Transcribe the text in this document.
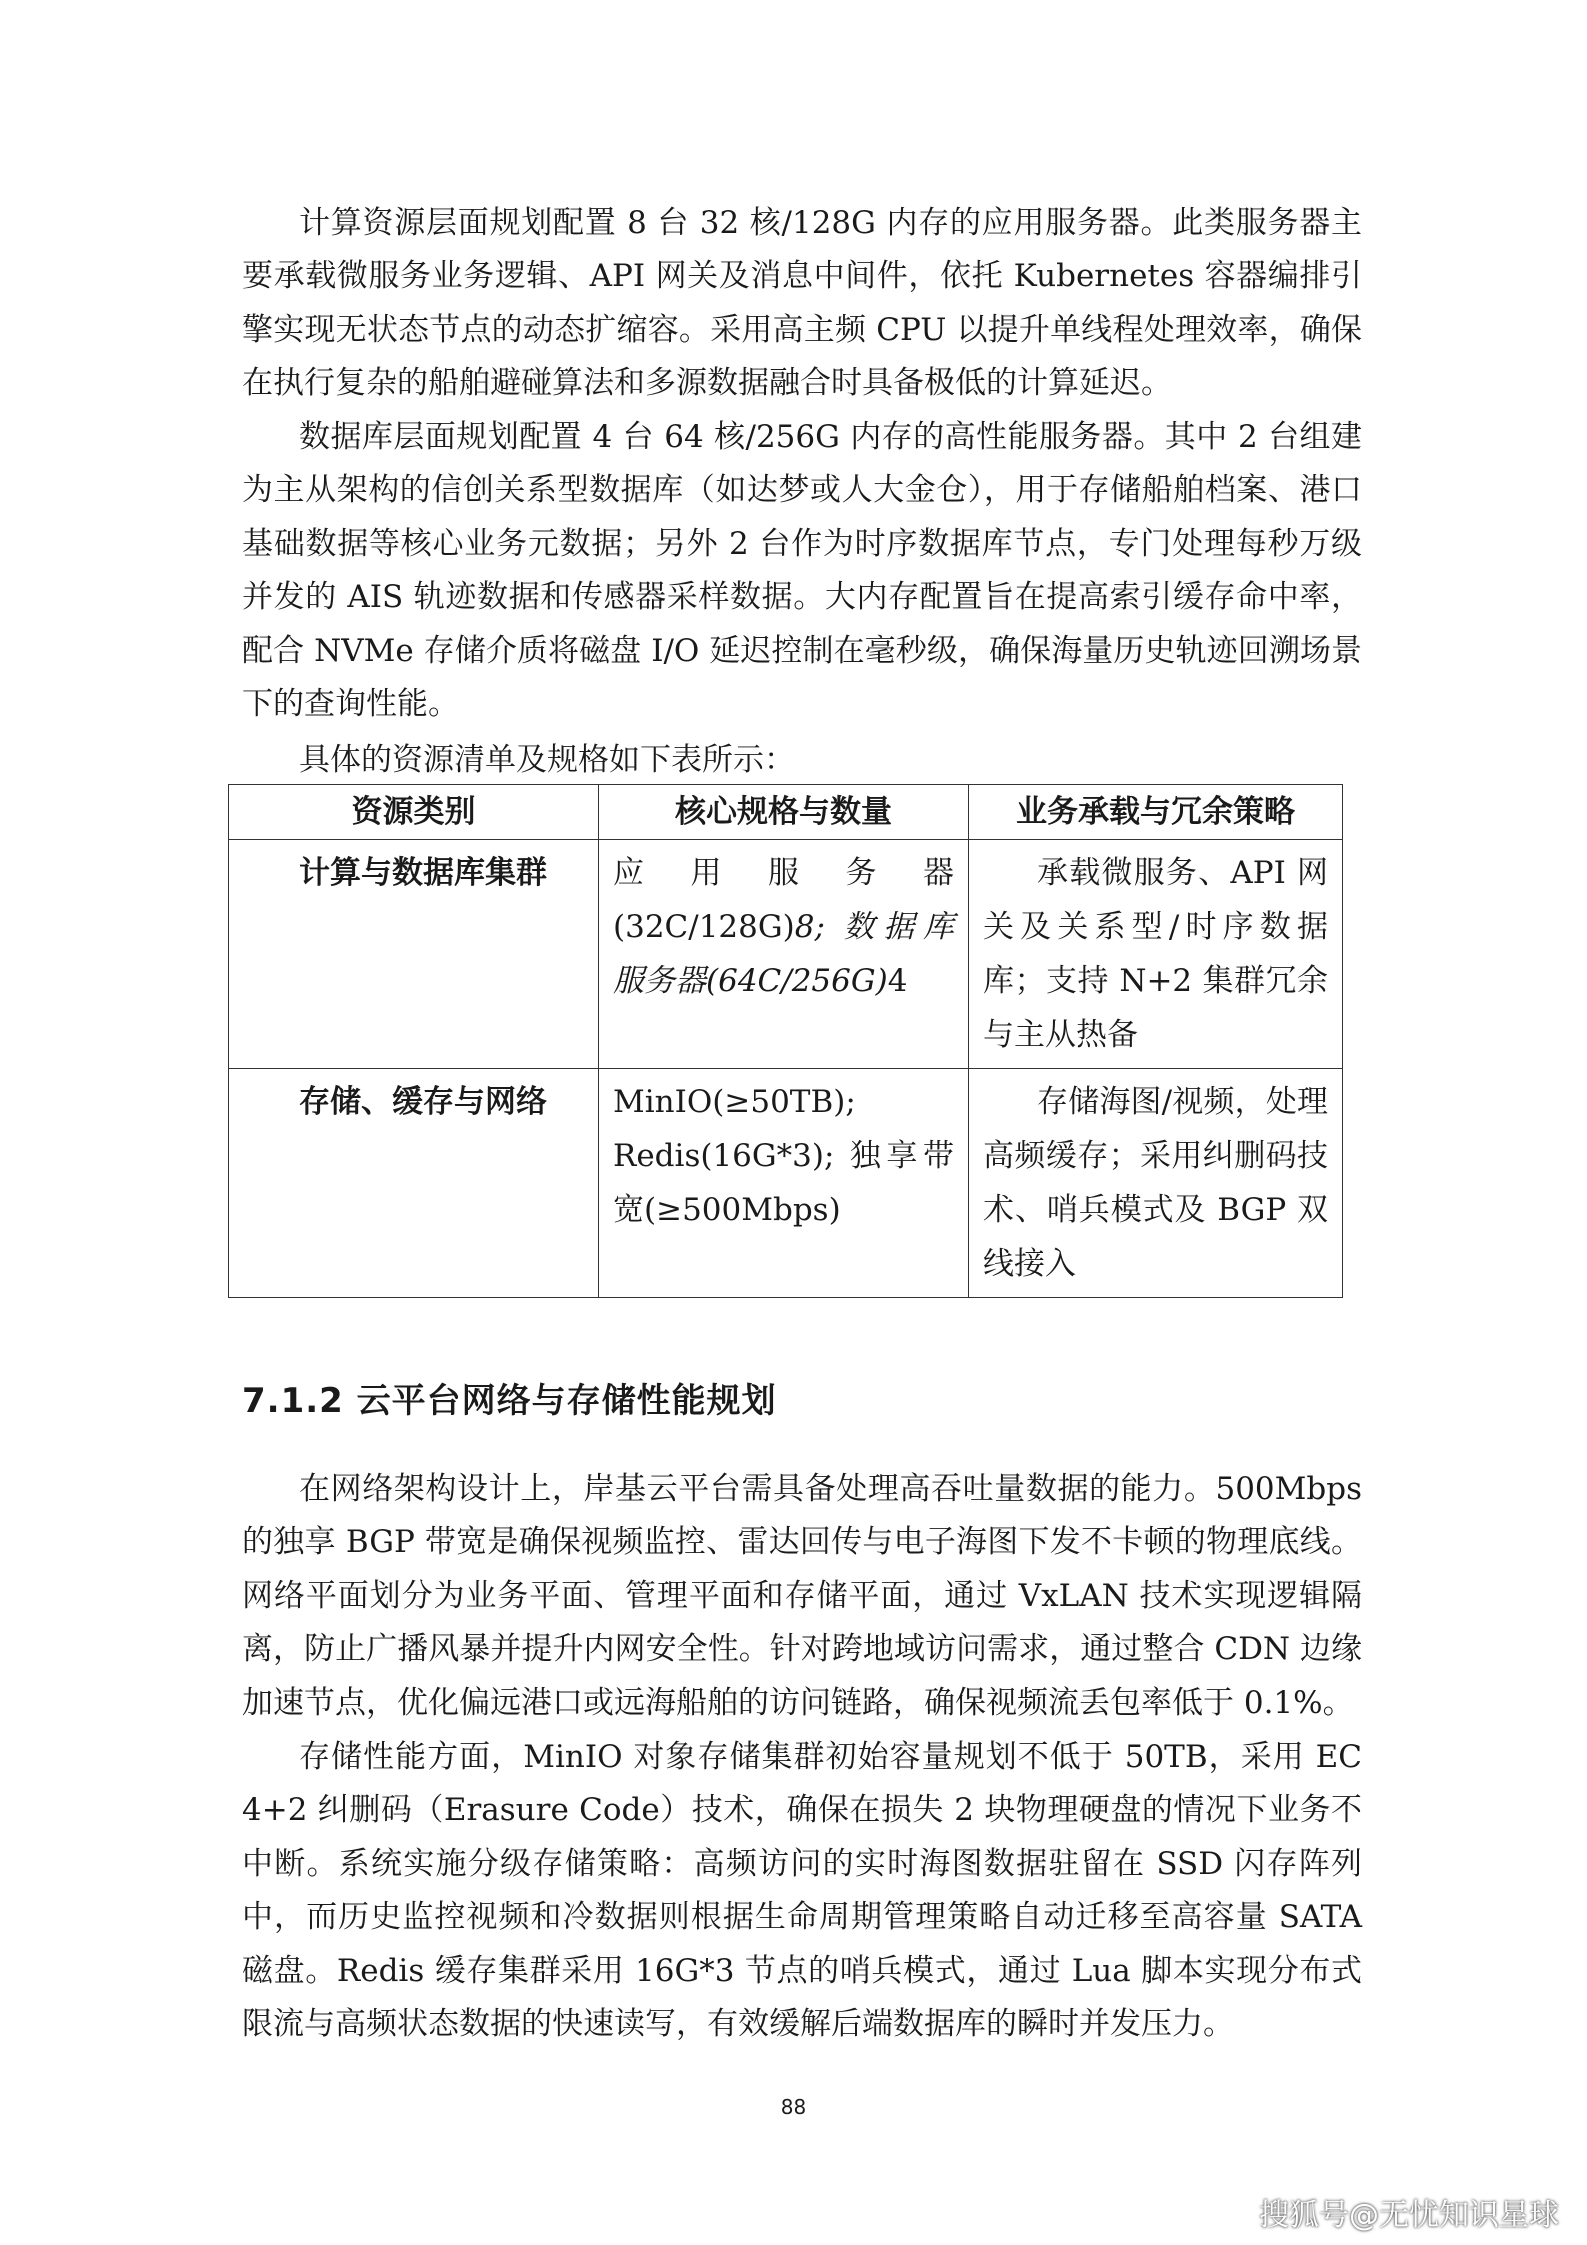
计算资源层面规划配置 8 台 32 核/128G 内存的应用服务器。此类服务器主要承载微服务业务逻辑、API 网关及消息中间件，依托 Kubernetes 容器编排引擎实现无状态节点的动态扩缩容。采用高主频 CPU 以提升单线程处理效率，确保在执行复杂的船舶避碰算法和多源数据融合时具备极低的计算延迟。

数据库层面规划配置 4 台 64 核/256G 内存的高性能服务器。其中 2 台组建为主从架构的信创关系型数据库（如达梦或人大金仓），用于存储船舶档案、港口基础数据等核心业务元数据；另外 2 台作为时序数据库节点，专门处理每秒万级并发的 AIS 轨迹数据和传感器采样数据。大内存配置旨在提高索引缓存命中率，配合 NVMe 存储介质将磁盘 I/O 延迟控制在毫秒级，确保海量历史轨迹回溯场景下的查询性能。

具体的资源清单及规格如下表所示：

资源类别	核心规格与数量	业务承载与冗余策略
计算与数据库集群	应用服务器(32C/128G)8; 数据库服务器(64C/256G)4	承载微服务、API 网关及关系型/时序数据库；支持 N+2 集群冗余与主从热备
存储、缓存与网络	MinIO(≥50TB); Redis(16G*3); 独享带宽(≥500Mbps)	存储海图/视频，处理高频缓存；采用纠删码技术、哨兵模式及 BGP 双线接入
7.1.2 云平台网络与存储性能规划

在网络架构设计上，岸基云平台需具备处理高吞吐量数据的能力。500Mbps 的独享 BGP 带宽是确保视频监控、雷达回传与电子海图下发不卡顿的物理底线。网络平面划分为业务平面、管理平面和存储平面，通过 VxLAN 技术实现逻辑隔离，防止广播风暴并提升内网安全性。针对跨地域访问需求，通过整合 CDN 边缘加速节点，优化偏远港口或远海船舶的访问链路，确保视频流丢包率低于 0.1%。

存储性能方面，MinIO 对象存储集群初始容量规划不低于 50TB，采用 EC 4+2 纠删码（Erasure Code）技术，确保在损失 2 块物理硬盘的情况下业务不中断。系统实施分级存储策略：高频访问的实时海图数据驻留在 SSD 闪存阵列中，而历史监控视频和冷数据则根据生命周期管理策略自动迁移至高容量 SATA 磁盘。Redis 缓存集群采用 16G*3 节点的哨兵模式，通过 Lua 脚本实现分布式限流与高频状态数据的快速读写，有效缓解后端数据库的瞬时并发压力。

88
搜狐号@无忧知识星球
